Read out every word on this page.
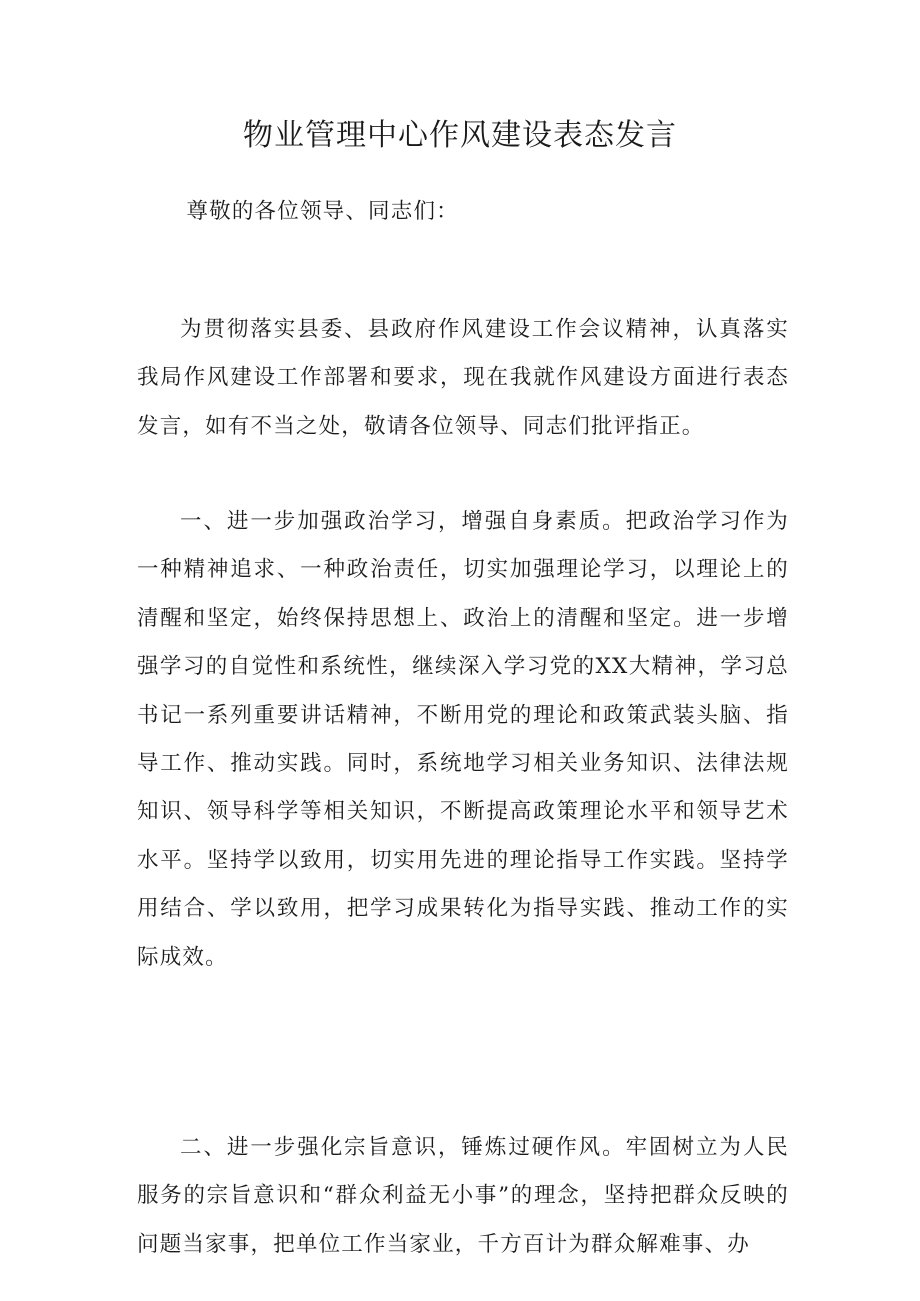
物业管理中心作风建设表态发言

尊敬的各位领导、同志们：

为贯彻落实县委、县政府作风建设工作会议精神，认真落实我局作风建设工作部署和要求，现在我就作风建设方面进行表态发言，如有不当之处，敬请各位领导、同志们批评指正。

一、进一步加强政治学习，增强自身素质。把政治学习作为一种精神追求、一种政治责任，切实加强理论学习，以理论上的清醒和坚定，始终保持思想上、政治上的清醒和坚定。进一步增强学习的自觉性和系统性，继续深入学习党的XX大精神，学习总书记一系列重要讲话精神，不断用党的理论和政策武装头脑、指导工作、推动实践。同时，系统地学习相关业务知识、法律法规知识、领导科学等相关知识，不断提高政策理论水平和领导艺术水平。坚持学以致用，切实用先进的理论指导工作实践。坚持学用结合、学以致用，把学习成果转化为指导实践、推动工作的实际成效。

二、进一步强化宗旨意识，锤炼过硬作风。牢固树立为人民服务的宗旨意识和“群众利益无小事”的理念，坚持把群众反映的问题当家事，把单位工作当家业，千方百计为群众解难事、办
